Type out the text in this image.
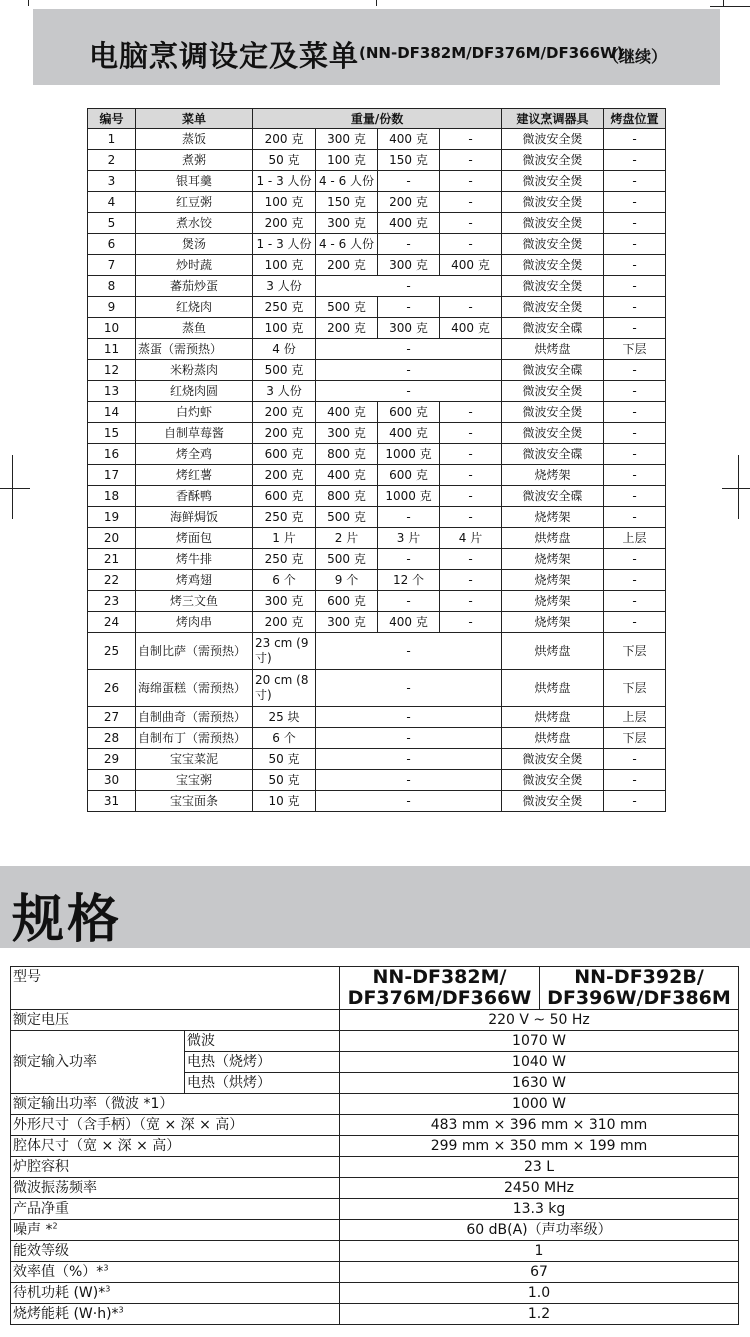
电脑烹调设定及菜单 (NN-DF382M/DF376M/DF366W)
（继续）
编号	菜单	重量/份数				建议烹调器具	烤盘位置
1	蒸饭	200 克	300 克	400 克	-	微波安全煲	-
2	煮粥	50 克	100 克	150 克	-	微波安全煲	-
3	银耳羹	1 - 3 人份	4 - 6 人份	-	-	微波安全煲	-
4	红豆粥	100 克	150 克	200 克	-	微波安全煲	-
5	煮水饺	200 克	300 克	400 克	-	微波安全煲	-
6	煲汤	1 - 3 人份	4 - 6 人份	-	-	微波安全煲	-
7	炒时蔬	100 克	200 克	300 克	400 克	微波安全煲	-
8	蕃茄炒蛋	3 人份	-			微波安全煲	-
9	红烧肉	250 克	500 克	-	-	微波安全煲	-
10	蒸鱼	100 克	200 克	300 克	400 克	微波安全碟	-
11	蒸蛋（需预热）	4 份	-			烘烤盘	下层
12	米粉蒸肉	500 克	-			微波安全碟	-
13	红烧肉圆	3 人份	-			微波安全煲	-
14	白灼虾	200 克	400 克	600 克	-	微波安全煲	-
15	自制草莓酱	200 克	300 克	400 克	-	微波安全煲	-
16	烤全鸡	600 克	800 克	1000 克	-	微波安全碟	-
17	烤红薯	200 克	400 克	600 克	-	烧烤架	-
18	香酥鸭	600 克	800 克	1000 克	-	微波安全碟	-
19	海鲜焗饭	250 克	500 克	-	-	烧烤架	-
20	烤面包	1 片	2 片	3 片	4 片	烘烤盘	上层
21	烤牛排	250 克	500 克	-	-	烧烤架	-
22	烤鸡翅	6 个	9 个	12 个	-	烧烤架	-
23	烤三文鱼	300 克	600 克	-	-	烧烤架	-
24	烤肉串	200 克	300 克	400 克	-	烧烤架	-
25	自制比萨（需预热）	23 cm (9 寸)	-			烘烤盘	下层
26	海绵蛋糕（需预热）	20 cm (8 寸)	-			烘烤盘	下层
27	自制曲奇（需预热）	25 块	-			烘烤盘	上层
28	自制布丁（需预热）	6 个	-			烘烤盘	下层
29	宝宝菜泥	50 克	-			微波安全煲	-
30	宝宝粥	50 克	-			微波安全煲	-
31	宝宝面条	10 克	-			微波安全煲	-
规格
型号		NN-DF382M/ DF376M/DF366W	NN-DF392B/ DF396W/DF386M
额定电压		220 V ~ 50 Hz	
额定输入功率	微波	1070 W	
	电热（烧烤）	1040 W	
	电热（烘烤）	1630 W	
额定输出功率（微波 *1）		1000 W	
外形尺寸（含手柄）（宽 × 深 × 高）		483 mm × 396 mm × 310 mm	
腔体尺寸（宽 × 深 × 高）		299 mm × 350 mm × 199 mm	
炉腔容积		23 L	
微波振荡频率		2450 MHz	
产品净重		13.3 kg	
噪声 *$^2$		60 dB(A)（声功率级）	
能效等级		1	
效率值（%）*$^3$		67	
待机功耗 (W)*$^3$		1.0	
烧烤能耗 (W·h)*$^3$		1.2	
